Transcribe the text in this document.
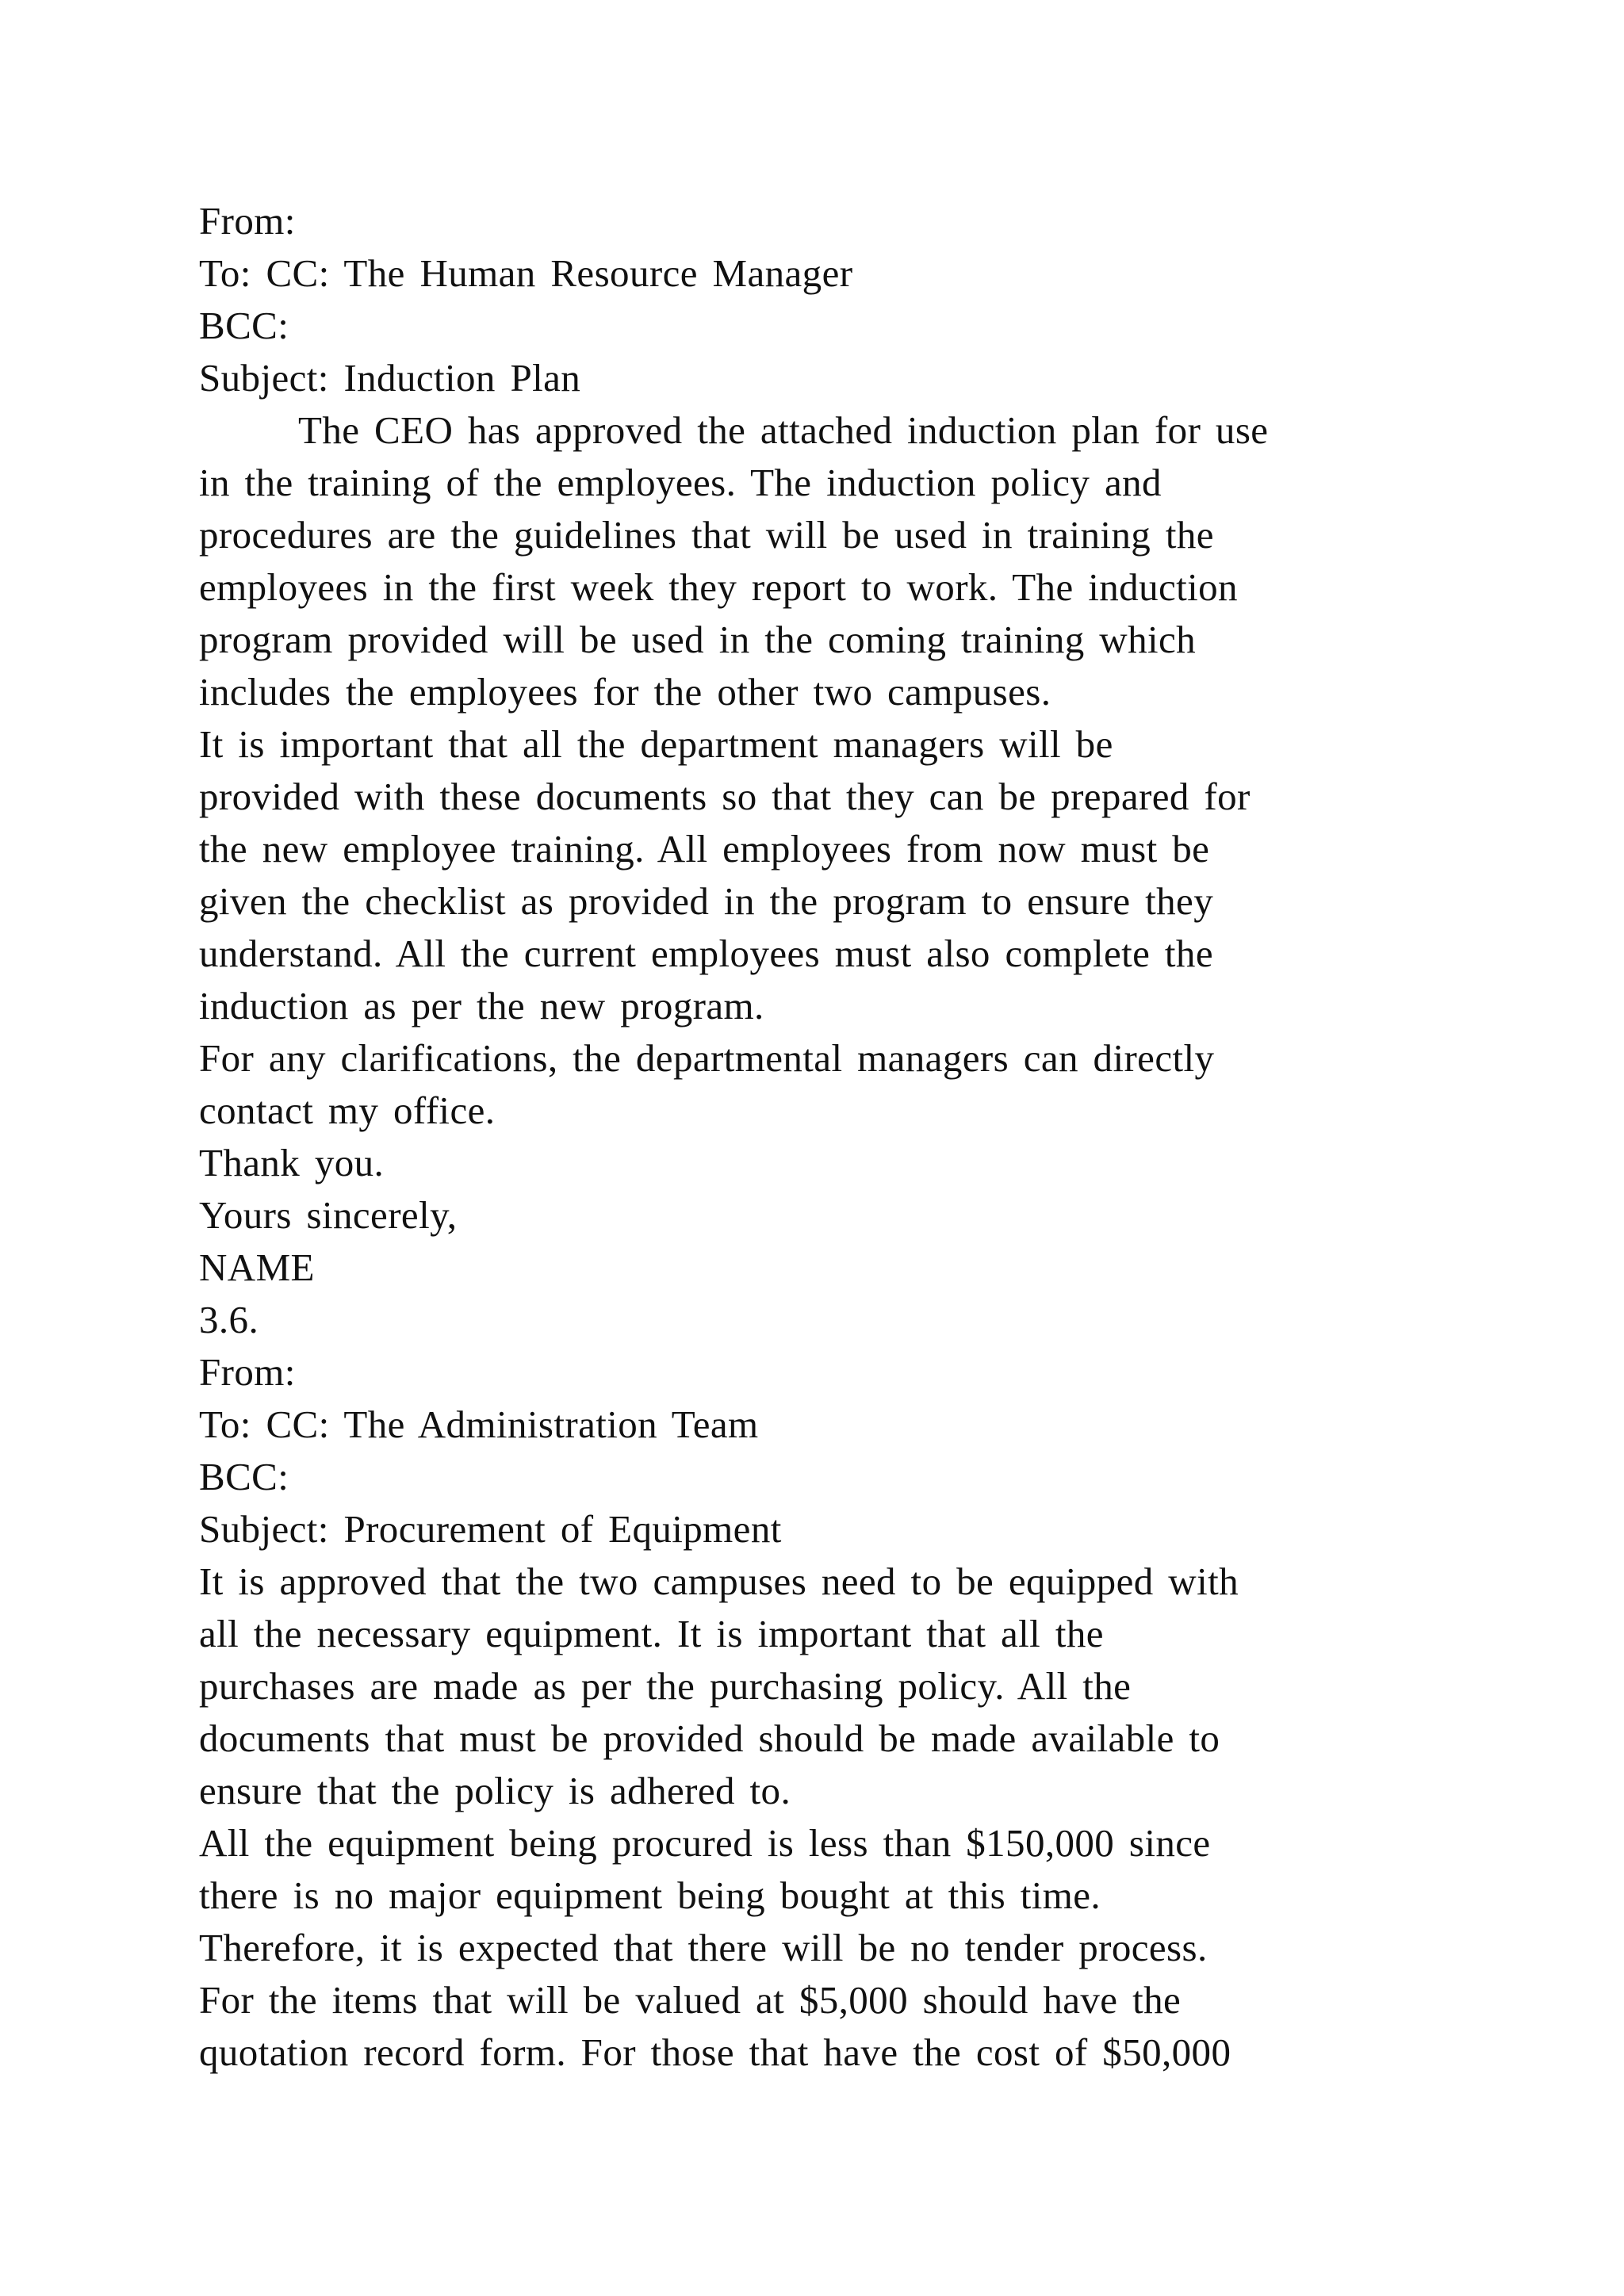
From:
To: CC: The Human Resource Manager
BCC:
Subject: Induction Plan
The CEO has approved the attached induction plan for use
in the training of the employees. The induction policy and
procedures are the guidelines that will be used in training the
employees in the first week they report to work. The induction
program provided will be used in the coming training which
includes the employees for the other two campuses.
It is important that all the department managers will be
provided with these documents so that they can be prepared for
the new employee training. All employees from now must be
given the checklist as provided in the program to ensure they
understand. All the current employees must also complete the
induction as per the new program.
For any clarifications, the departmental managers can directly
contact my office.
Thank you.
Yours sincerely,
NAME
3.6.
From:
To: CC: The Administration Team
BCC:
Subject: Procurement of Equipment
It is approved that the two campuses need to be equipped with
all the necessary equipment. It is important that all the
purchases are made as per the purchasing policy. All the
documents that must be provided should be made available to
ensure that the policy is adhered to.
All the equipment being procured is less than $150,000 since
there is no major equipment being bought at this time.
Therefore, it is expected that there will be no tender process.
For the items that will be valued at $5,000 should have the
quotation record form. For those that have the cost of $50,000
